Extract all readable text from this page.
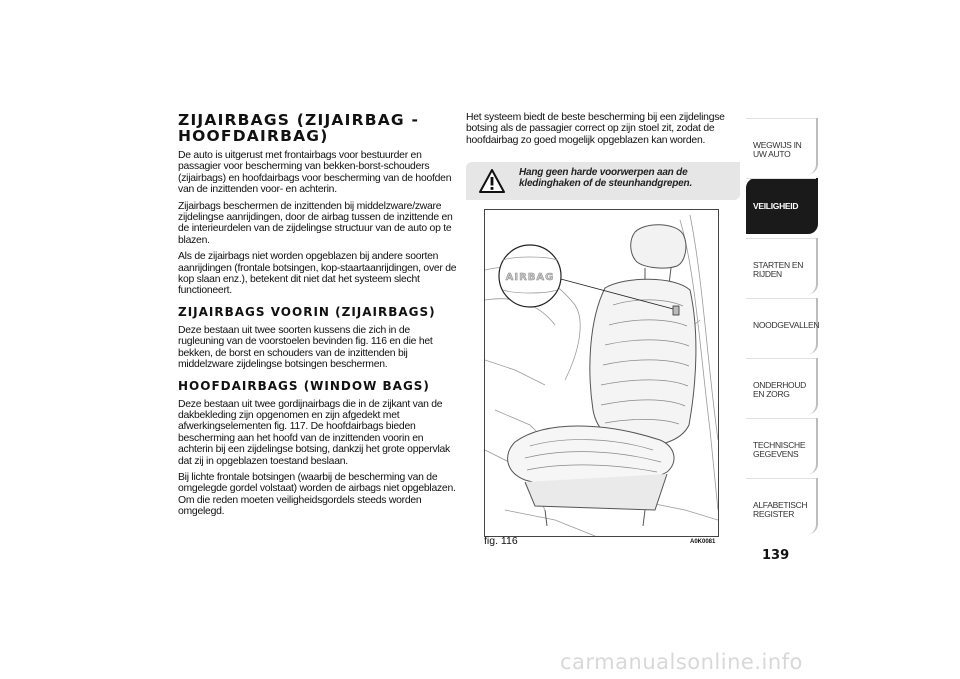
ZIJAIRBAGS (ZIJAIRBAG - HOOFDAIRBAG)

De auto is uitgerust met frontairbags voor bestuurder en passagier voor bescherming van bekken-borst-schouders (zijairbags) en hoofdairbags voor bescherming van de hoofden van de inzittenden voor- en achterin.

Zijairbags beschermen de inzittenden bij middelzware/zware zijdelingse aanrijdingen, door de airbag tussen de inzittende en de interieurdelen van de zijdelingse structuur van de auto op te blazen.

Als de zijairbags niet worden opgeblazen bij andere soorten aanrijdingen (frontale botsingen, kop-staartaanrijdingen, over de kop slaan enz.), betekent dit niet dat het systeem slecht functioneert.

ZIJAIRBAGS VOORIN (ZIJAIRBAGS)

Deze bestaan uit twee soorten kussens die zich in de rugleuning van de voorstoelen bevinden fig. 116 en die het bekken, de borst en schouders van de inzittenden bij middelzware zijdelingse botsingen beschermen.

HOOFDAIRBAGS (WINDOW BAGS)

Deze bestaan uit twee gordijnairbags die in de zijkant van de dakbekleding zijn opgenomen en zijn afgedekt met afwerkingselementen fig. 117. De hoofdairbags bieden bescherming aan het hoofd van de inzittenden voorin en achterin bij een zijdelingse botsing, dankzij het grote oppervlak dat zij in opgeblazen toestand beslaan.

Bij lichte frontale botsingen (waarbij de bescherming van de omgelegde gordel volstaat) worden de airbags niet opgeblazen. Om die reden moeten veiligheidsgordels steeds worden omgelegd.

Het systeem biedt de beste bescherming bij een zijdelingse botsing als de passagier correct op zijn stoel zit, zodat de hoofdairbag zo goed mogelijk opgeblazen kan worden.

Hang geen harde voorwerpen aan de kledinghaken of de steunhandgrepen.
AIRBAG
fig. 116	A0K0081
WEGWIJS IN UW AUTO
VEILIGHEID
STARTEN EN RIJDEN
NOODGEVALLEN
ONDERHOUD EN ZORG
TECHNISCHE GEGEVENS
ALFABETISCH REGISTER
139
carmanualsonline.info
